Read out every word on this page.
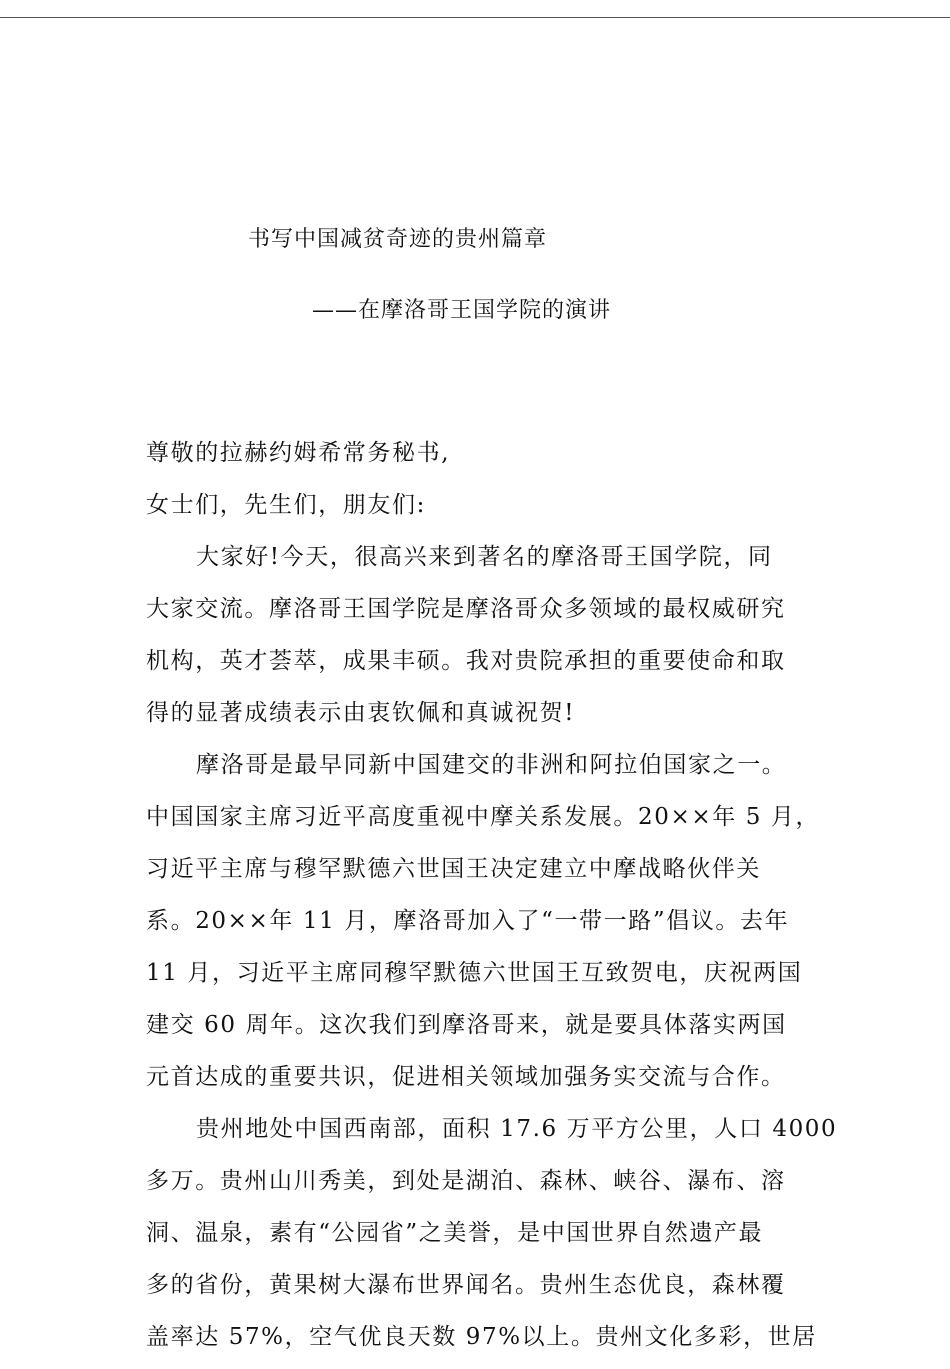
书写中国减贫奇迹的贵州篇章
——在摩洛哥王国学院的演讲
尊敬的拉赫约姆希常务秘书,
女士们，先生们，朋友们:
大家好!今天，很高兴来到著名的摩洛哥王国学院，同
大家交流。摩洛哥王国学院是摩洛哥众多领域的最权威研究
机构，英才荟萃，成果丰硕。我对贵院承担的重要使命和取
得的显著成绩表示由衷钦佩和真诚祝贺!
摩洛哥是最早同新中国建交的非洲和阿拉伯国家之一。
中国国家主席习近平高度重视中摩关系发展。20××年 5 月，
习近平主席与穆罕默德六世国王决定建立中摩战略伙伴关
系。20××年 11 月，摩洛哥加入了“一带一路”倡议。去年
11 月，习近平主席同穆罕默德六世国王互致贺电，庆祝两国
建交 60 周年。这次我们到摩洛哥来，就是要具体落实两国
元首达成的重要共识，促进相关领域加强务实交流与合作。
贵州地处中国西南部，面积 17.6 万平方公里，人口 4000
多万。贵州山川秀美，到处是湖泊、森林、峡谷、瀑布、溶
洞、温泉，素有“公园省”之美誉，是中国世界自然遗产最
多的省份，黄果树大瀑布世界闻名。贵州生态优良，森林覆
盖率达 57%，空气优良天数 97%以上。贵州文化多彩，世居
